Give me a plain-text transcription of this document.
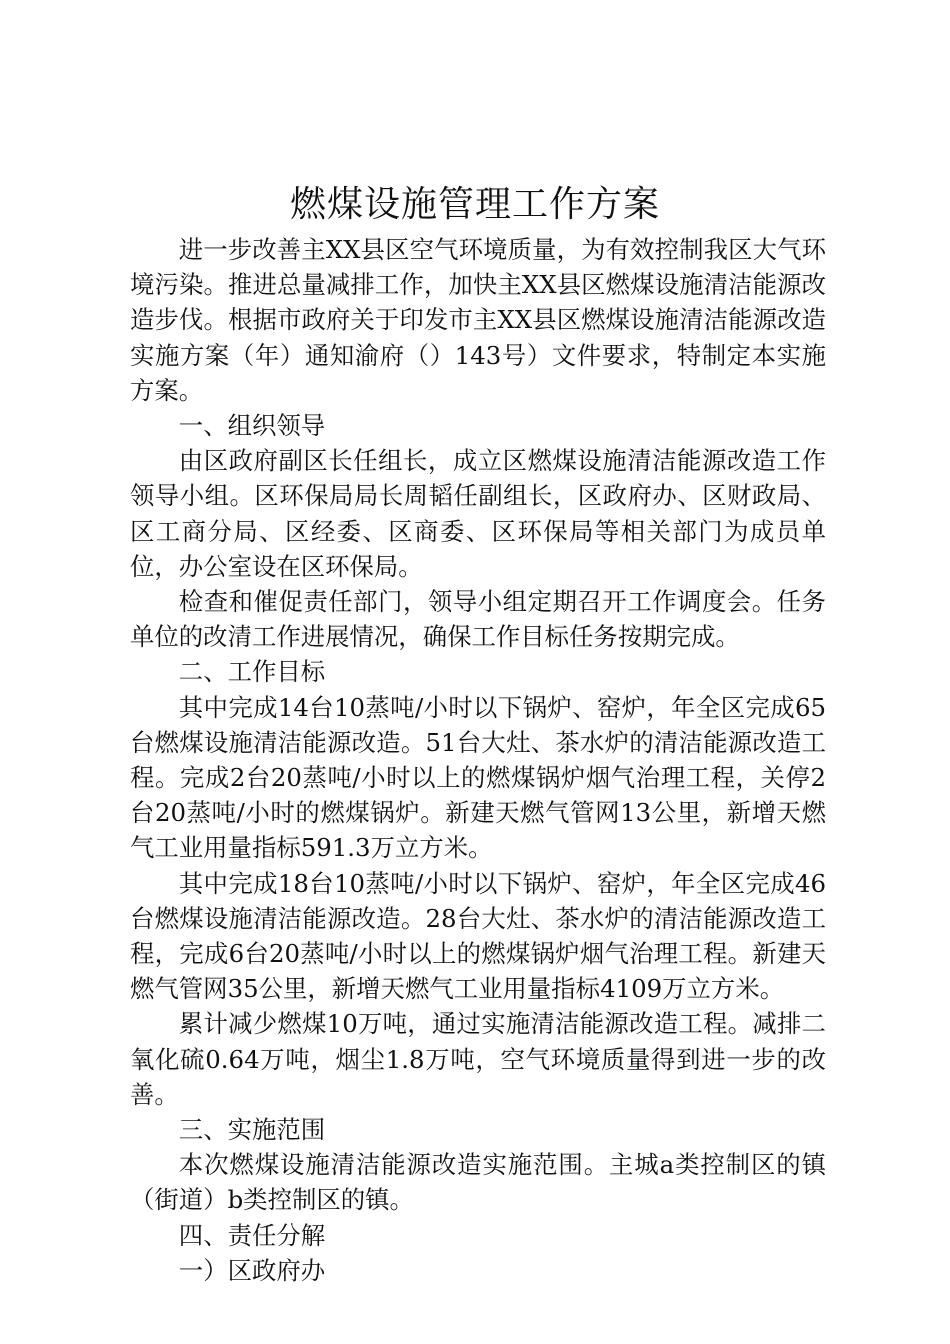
燃煤设施管理工作方案

进一步改善主XX县区空气环境质量，为有效控制我区大气环境污染。推进总量减排工作，加快主XX县区燃煤设施清洁能源改造步伐。根据市政府关于印发市主XX县区燃煤设施清洁能源改造实施方案（年）通知渝府（）143号）文件要求，特制定本实施方案。

一、组织领导

由区政府副区长任组长，成立区燃煤设施清洁能源改造工作领导小组。区环保局局长周韬任副组长，区政府办、区财政局、区工商分局、区经委、区商委、区环保局等相关部门为成员单位，办公室设在区环保局。

检查和催促责任部门，领导小组定期召开工作调度会。任务单位的改清工作进展情况，确保工作目标任务按期完成。

二、工作目标

其中完成14台10蒸吨/小时以下锅炉、窑炉，年全区完成65台燃煤设施清洁能源改造。51台大灶、茶水炉的清洁能源改造工程。完成2台20蒸吨/小时以上的燃煤锅炉烟气治理工程，关停2台20蒸吨/小时的燃煤锅炉。新建天燃气管网13公里，新增天燃气工业用量指标591.3万立方米。

其中完成18台10蒸吨/小时以下锅炉、窑炉，年全区完成46台燃煤设施清洁能源改造。28台大灶、茶水炉的清洁能源改造工程，完成6台20蒸吨/小时以上的燃煤锅炉烟气治理工程。新建天燃气管网35公里，新增天燃气工业用量指标4109万立方米。

累计减少燃煤10万吨，通过实施清洁能源改造工程。减排二氧化硫0.64万吨，烟尘1.8万吨，空气环境质量得到进一步的改善。

三、实施范围

本次燃煤设施清洁能源改造实施范围。主城a类控制区的镇（街道）b类控制区的镇。

四、责任分解

一）区政府办
